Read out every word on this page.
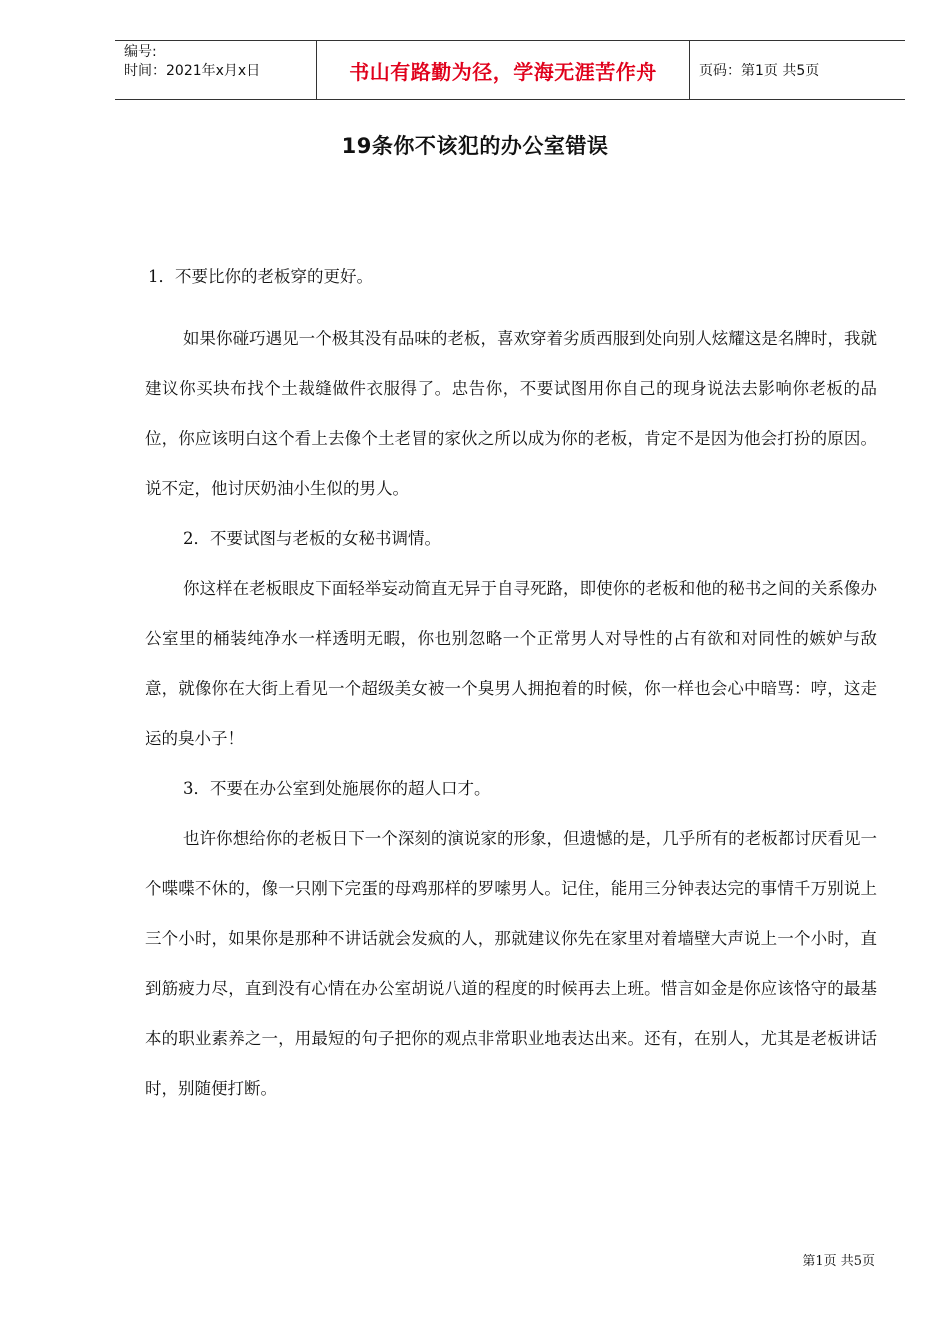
编号:
时间：2021年x月x日	书山有路勤为径，学海无涯苦作舟	页码：第1页 共5页
19条你不该犯的办公室错误

1．不要比你的老板穿的更好。

如果你碰巧遇见一个极其没有品味的老板，喜欢穿着劣质西服到处向别人炫耀这是名牌时，我就建议你买块布找个土裁缝做件衣服得了。忠告你，不要试图用你自己的现身说法去影响你老板的品位，你应该明白这个看上去像个土老冒的家伙之所以成为你的老板，肯定不是因为他会打扮的原因。说不定，他讨厌奶油小生似的男人。

2．不要试图与老板的女秘书调情。

你这样在老板眼皮下面轻举妄动简直无异于自寻死路，即使你的老板和他的秘书之间的关系像办公室里的桶装纯净水一样透明无暇，你也别忽略一个正常男人对导性的占有欲和对同性的嫉妒与敌意，就像你在大街上看见一个超级美女被一个臭男人拥抱着的时候，你一样也会心中暗骂：哼，这走运的臭小子！

3．不要在办公室到处施展你的超人口才。

也许你想给你的老板日下一个深刻的演说家的形象，但遗憾的是，几乎所有的老板都讨厌看见一个喋喋不休的，像一只刚下完蛋的母鸡那样的罗嗦男人。记住，能用三分钟表达完的事情千万别说上三个小时，如果你是那种不讲话就会发疯的人，那就建议你先在家里对着墙壁大声说上一个小时，直到筋疲力尽，直到没有心情在办公室胡说八道的程度的时候再去上班。惜言如金是你应该恪守的最基本的职业素养之一，用最短的句子把你的观点非常职业地表达出来。还有，在别人，尤其是老板讲话时，别随便打断。

第1页 共5页
